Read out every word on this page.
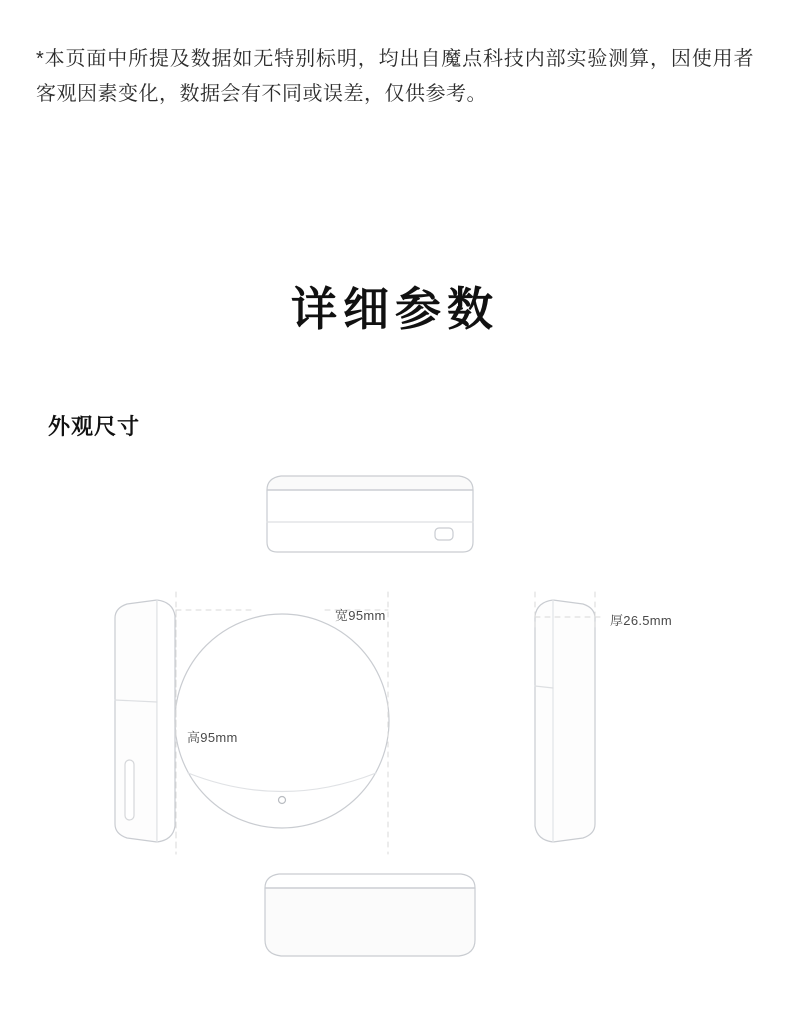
*本页面中所提及数据如无特别标明，均出自魔点科技内部实验测算，因使用者客观因素变化，数据会有不同或误差，仅供参考。

详细参数
外观尺寸
宽95mm
高95mm
厚26.5mm
